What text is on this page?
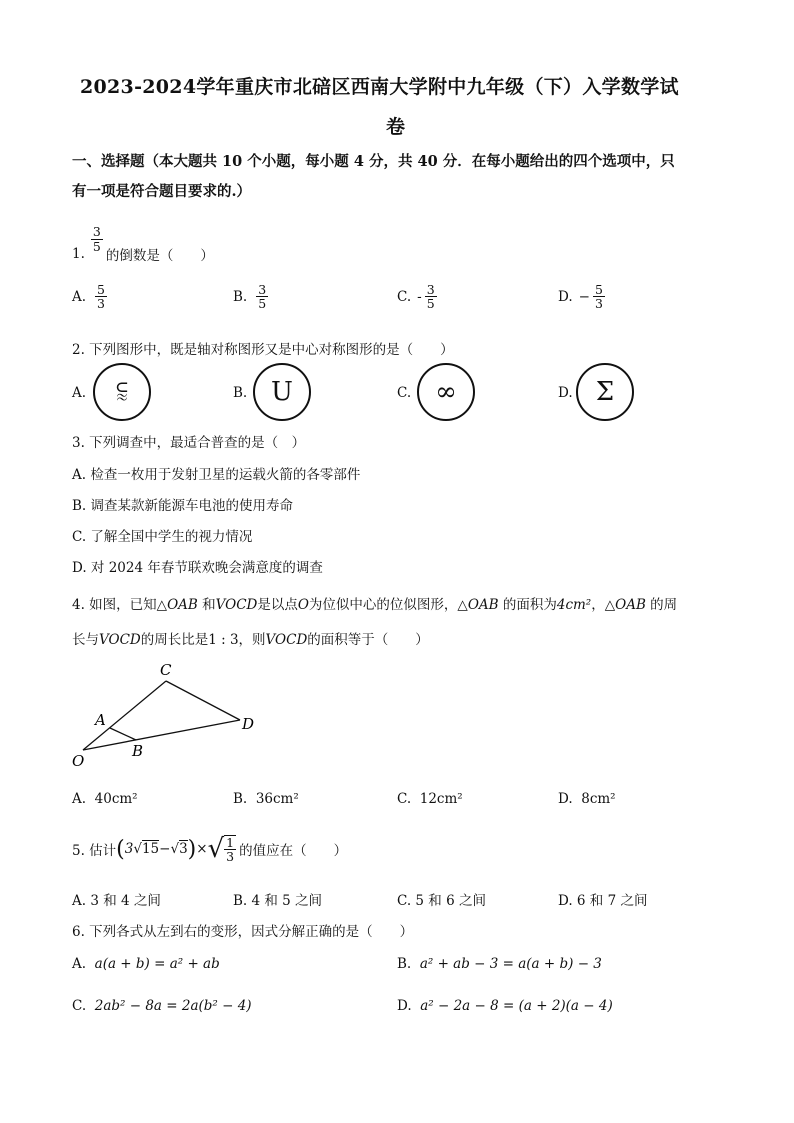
2023-2024学年重庆市北碚区西南大学附中九年级（下）入学数学试
卷
一、选择题（本大题共 10 个小题，每小题 4 分，共 40 分．在每小题给出的四个选项中，只
有一项是符合题目要求的.）
1.
$\frac{3}{5}$
的倒数是（　　）
A. $\frac{5}{3}$	B. $\frac{3}{5}$	C. - $\frac{3}{5}$	D. − $\frac{5}{3}$
2. 下列图形中，既是轴对称图形又是中心对称图形的是（　　）
A. ⫉	B. U	C. ∞	D. Σ
3. 下列调查中，最适合普查的是（　）
A. 检查一枚用于发射卫星的运载火箭的各零部件
B. 调查某款新能源车电池的使用寿命
C. 了解全国中学生的视力情况
D. 对 2024 年春节联欢晚会满意度的调查
4. 如图，已知△OAB 和VOCD是以点O为位似中心的位似图形，△OAB 的面积为4cm²，△OAB 的周
长与VOCD的周长比是1 : 3，则VOCD的面积等于（　　）
C
A	D
B
O
A. 40cm²	B. 36cm²	C. 12cm²	D. 8cm²
5. 估计 ( 3 √15 − √3 ) × √ $\frac{1}{3}$ 的值应在（　　）
A. 3 和 4 之间	B. 4 和 5 之间	C. 5 和 6 之间	D. 6 和 7 之间
6. 下列各式从左到右的变形，因式分解正确的是（　　）
A. a(a + b) = a² + ab	B. a² + ab − 3 = a(a + b) − 3
C. 2ab² − 8a = 2a(b² − 4)	D. a² − 2a − 8 = (a + 2)(a − 4)
